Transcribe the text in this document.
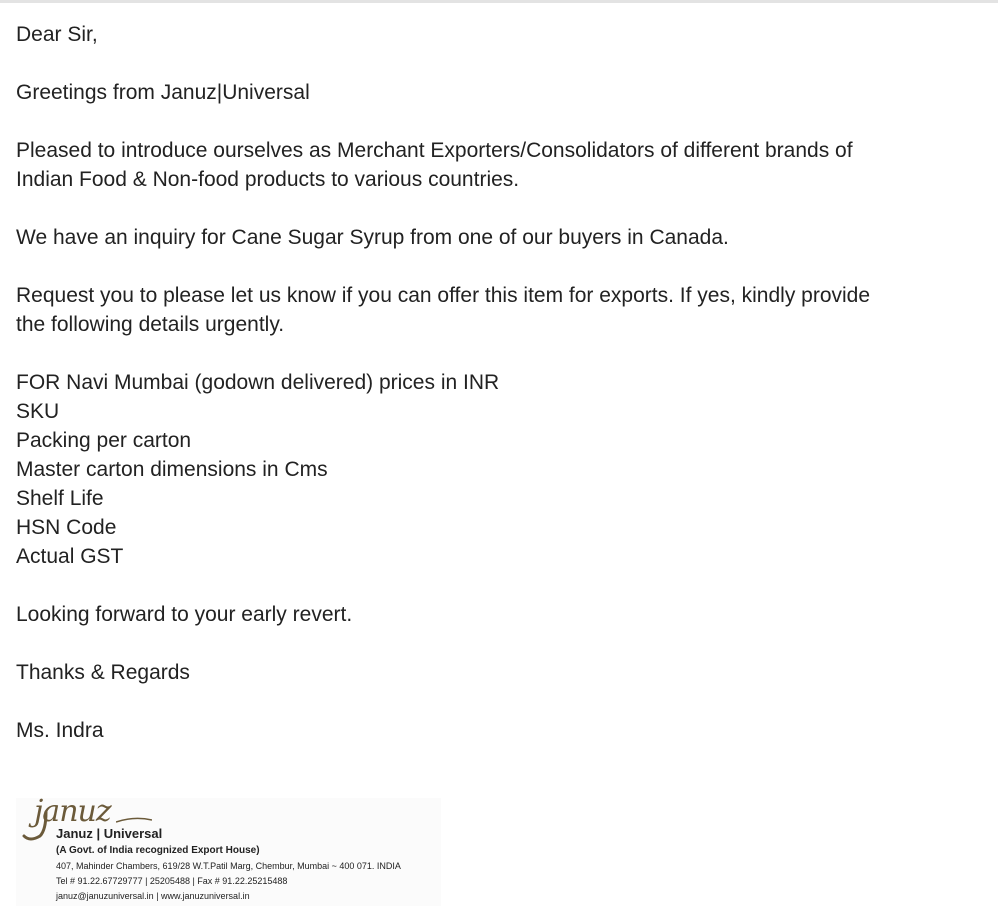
Dear Sir,

Greetings from Januz|Universal

Pleased to introduce ourselves as Merchant Exporters/Consolidators of different brands of

Indian Food & Non-food products to various countries.

We have an inquiry for Cane Sugar Syrup from one of our buyers in Canada.

Request you to please let us know if you can offer this item for exports. If yes, kindly provide

the following details urgently.

FOR Navi Mumbai (godown delivered) prices in INR
SKU
Packing per carton
Master carton dimensions in Cms
Shelf Life
HSN Code
Actual GST

Looking forward to your early revert.

Thanks & Regards

Ms. Indra

januz
Januz | Universal
(A Govt. of India recognized Export House)
407, Mahinder Chambers, 619/28 W.T.Patil Marg, Chembur, Mumbai ~ 400 071. INDIA
Tel # 91.22.67729777 | 25205488 | Fax # 91.22.25215488
januz@januzuniversal.in | www.januzuniversal.in
